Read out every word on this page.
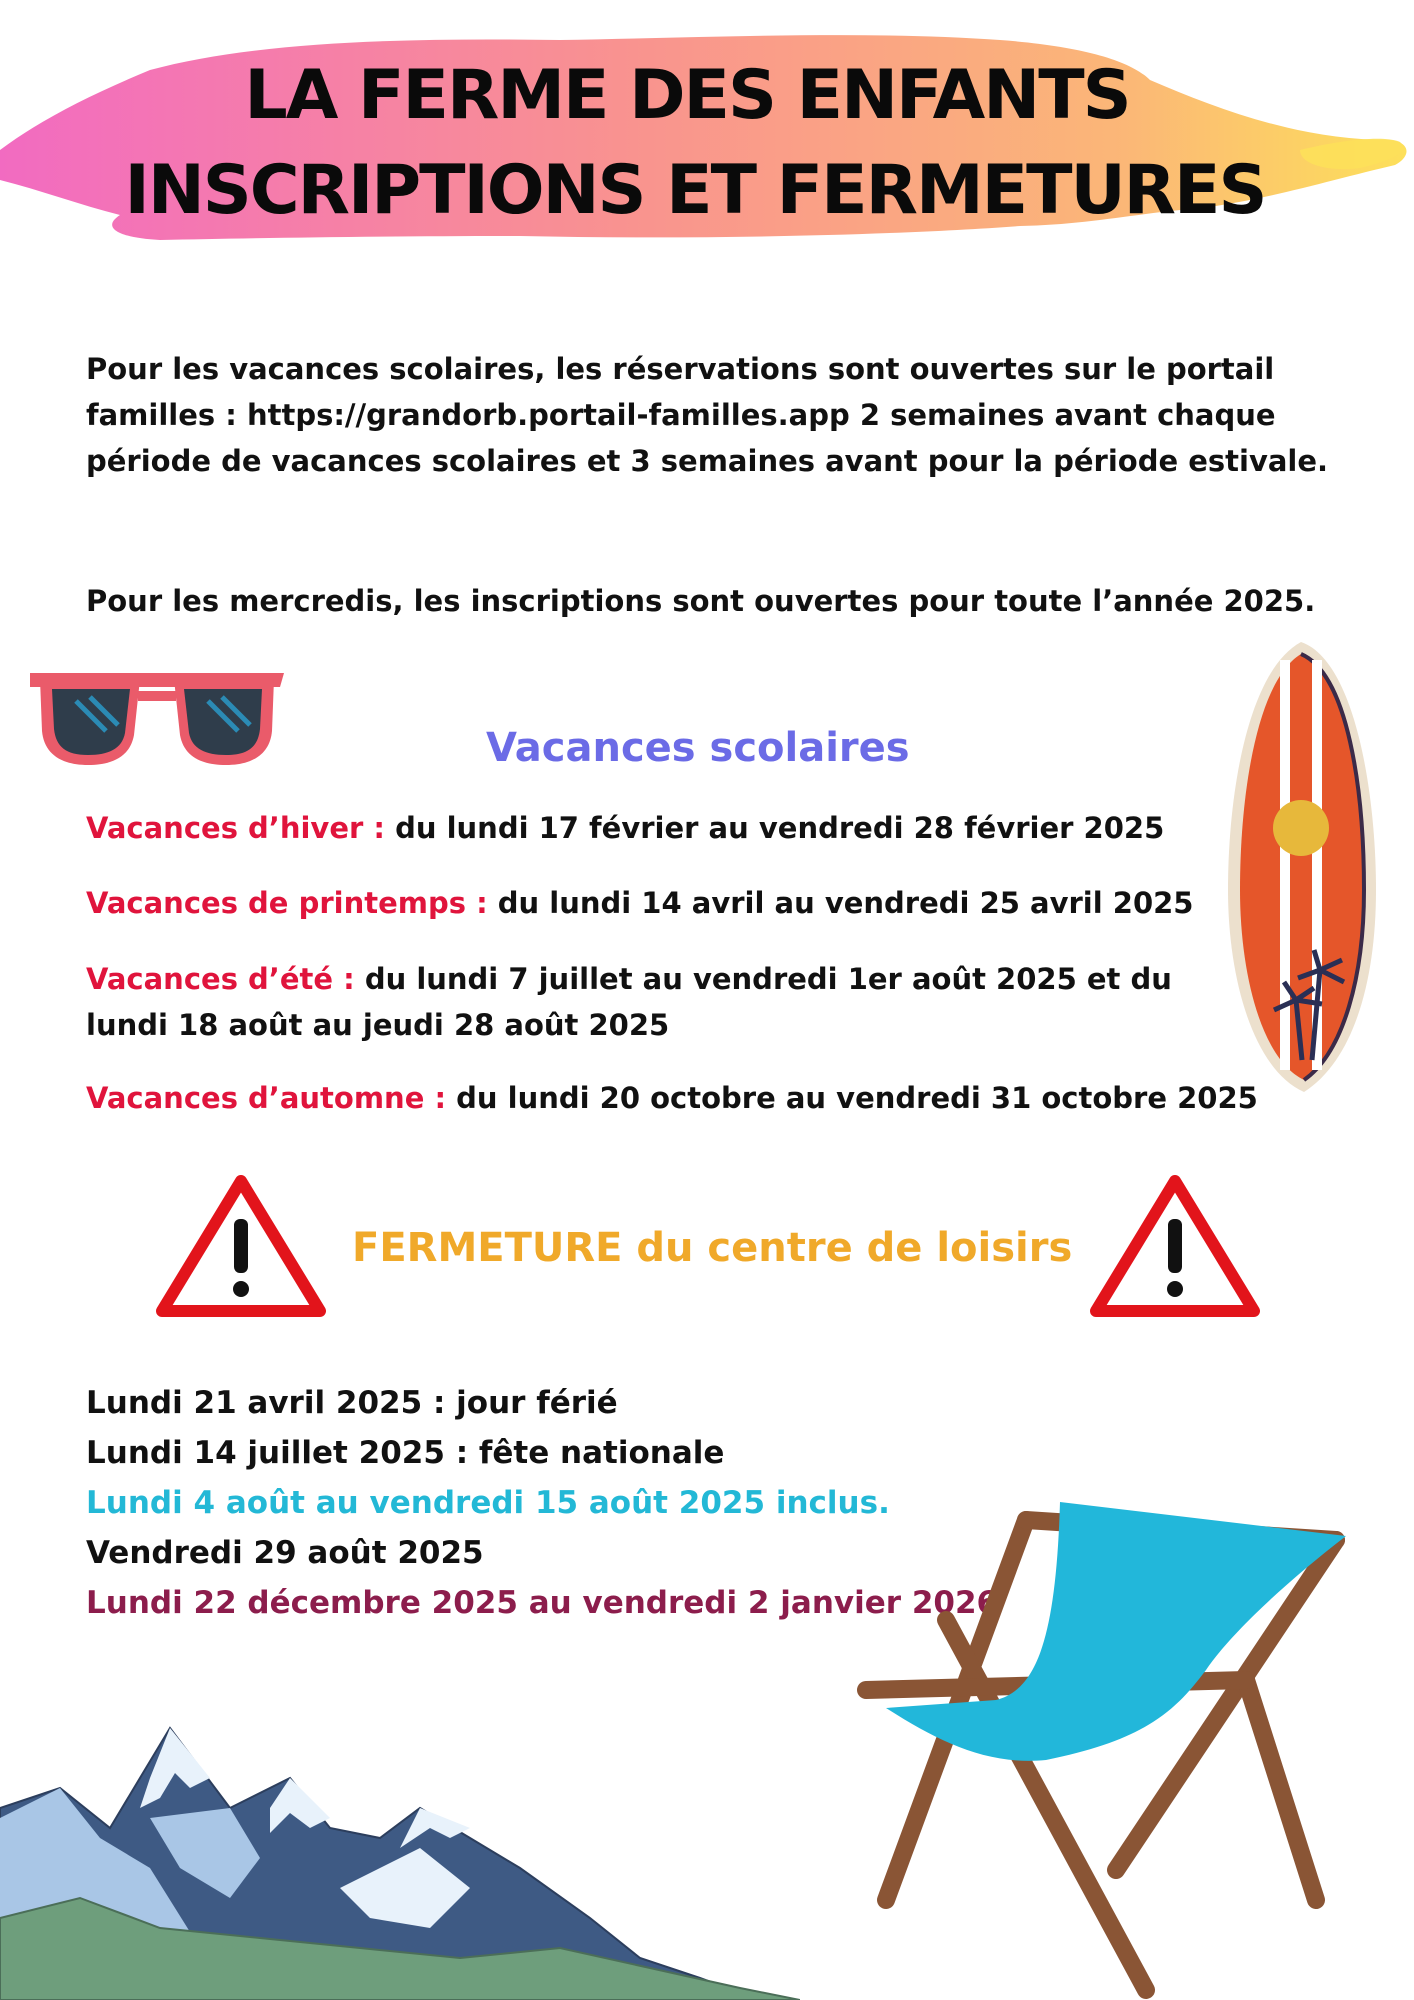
LA FERME DES ENFANTS
INSCRIPTIONS ET FERMETURES
Pour les vacances scolaires, les réservations sont ouvertes sur le portail familles : https://grandorb.portail-familles.app 2 semaines avant chaque période de vacances scolaires et 3 semaines avant pour la période estivale.
Pour les mercredis, les inscriptions sont ouvertes pour toute l’année 2025.
Vacances scolaires
Vacances d’hiver : du lundi 17 février au vendredi 28 février 2025
Vacances de printemps : du lundi 14 avril au vendredi 25 avril 2025
Vacances d’été : du lundi 7 juillet au vendredi 1er août 2025 et du lundi 18 août au jeudi 28 août 2025
Vacances d’automne : du lundi 20 octobre au vendredi 31 octobre 2025
FERMETURE du centre de loisirs
Lundi 21 avril 2025 : jour férié
Lundi 14 juillet 2025 : fête nationale
Lundi 4 août au vendredi 15 août 2025 inclus.
Vendredi 29 août 2025
Lundi 22 décembre 2025 au vendredi 2 janvier 2026
